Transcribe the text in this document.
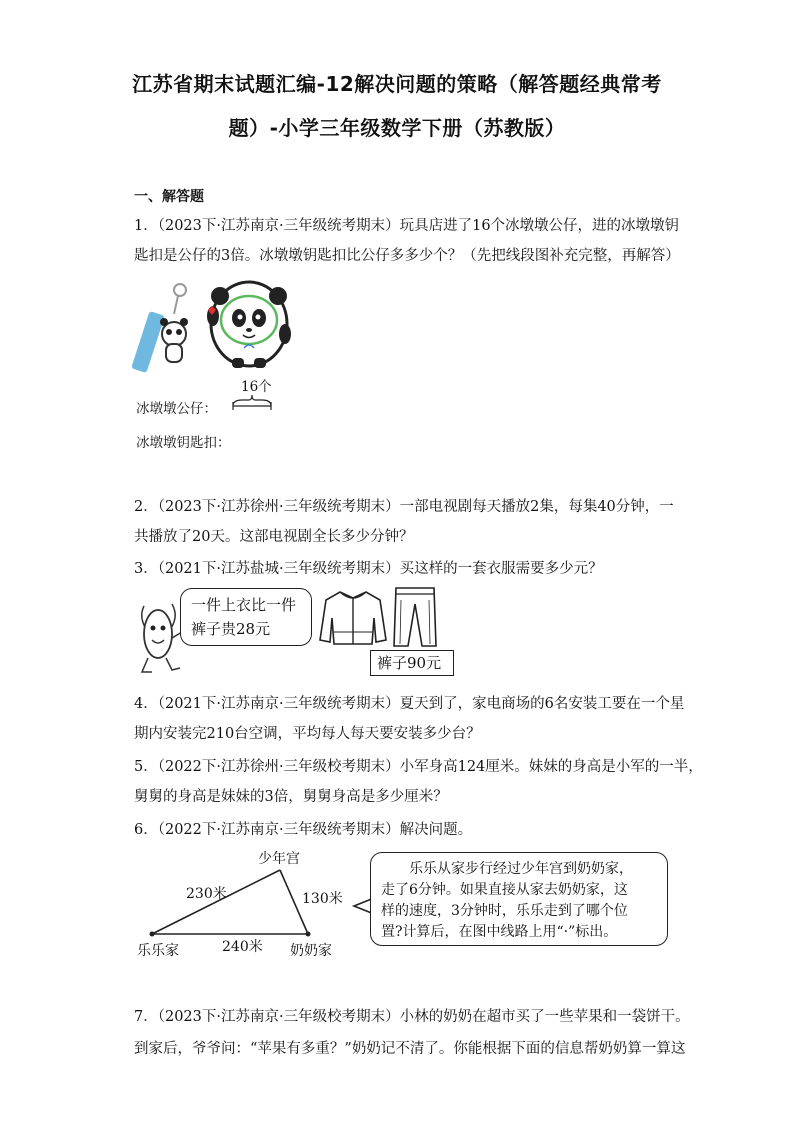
江苏省期末试题汇编-12解决问题的策略（解答题经典常考
题）-小学三年级数学下册（苏教版）
一、解答题
1．（2023下·江苏南京·三年级统考期末）玩具店进了16个冰墩墩公仔，进的冰墩墩钥
匙扣是公仔的3倍。冰墩墩钥匙扣比公仔多多少个？（先把线段图补充完整，再解答）
16个
冰墩墩公仔：
冰墩墩钥匙扣：
2．（2023下·江苏徐州·三年级统考期末）一部电视剧每天播放2集，每集40分钟，一
共播放了20天。这部电视剧全长多少分钟？
3．（2021下·江苏盐城·三年级统考期末）买这样的一套衣服需要多少元？
一件上衣比一件
裤子贵28元
裤子90元
4．（2021下·江苏南京·三年级统考期末）夏天到了，家电商场的6名安装工要在一个星
期内安装完210台空调，平均每人每天要安装多少台？
5．（2022下·江苏徐州·三年级校考期末）小军身高124厘米。妹妹的身高是小军的一半，
舅舅的身高是妹妹的3倍，舅舅身高是多少厘米？
6．（2022下·江苏南京·三年级统考期末）解决问题。
少年宫
230米	130米
240米
乐乐家	奶奶家
乐乐从家步行经过少年宫到奶奶家，
走了6分钟。如果直接从家去奶奶家，这
样的速度，3分钟时，乐乐走到了哪个位
置?计算后，在图中线路上用“·”标出。
7．（2023下·江苏南京·三年级校考期末）小林的奶奶在超市买了一些苹果和一袋饼干。
到家后，爷爷问：“苹果有多重？”奶奶记不清了。你能根据下面的信息帮奶奶算一算这
